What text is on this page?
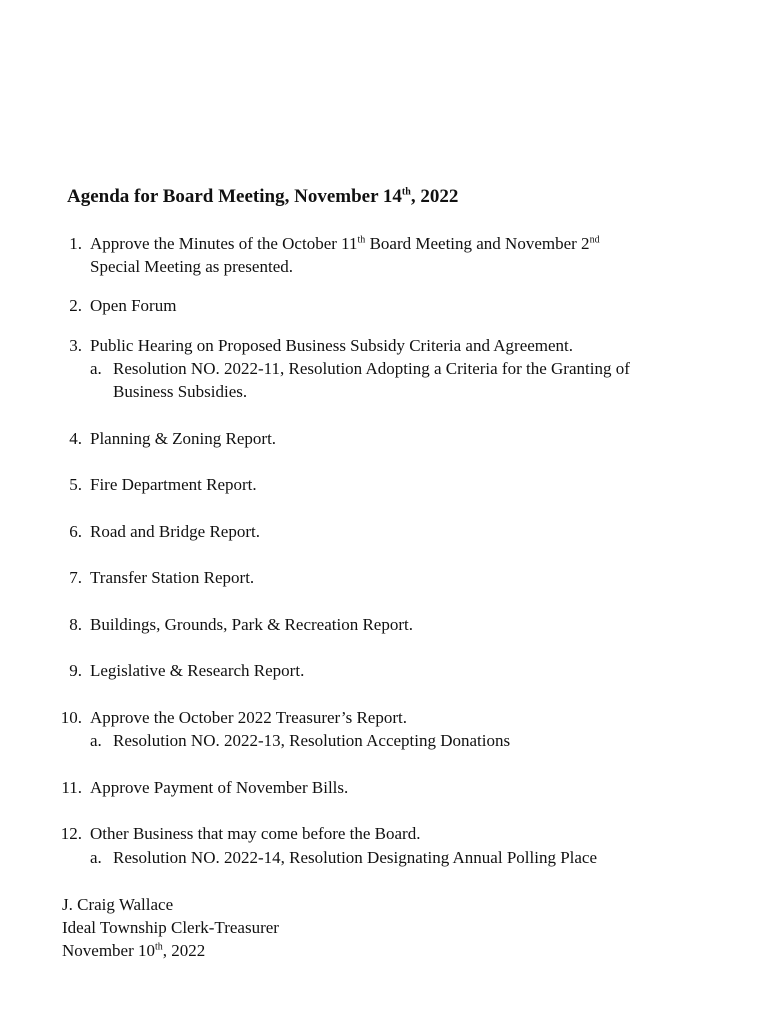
Agenda for Board Meeting, November 14th, 2022
1. Approve the Minutes of the October 11th Board Meeting and November 2nd
Special Meeting as presented.
2. Open Forum
3. Public Hearing on Proposed Business Subsidy Criteria and Agreement.
a. Resolution NO. 2022-11, Resolution Adopting a Criteria for the Granting of
Business Subsidies.
4. Planning & Zoning Report.
5. Fire Department Report.
6. Road and Bridge Report.
7. Transfer Station Report.
8. Buildings, Grounds, Park & Recreation Report.
9. Legislative & Research Report.
10. Approve the October 2022 Treasurer’s Report.
a. Resolution NO. 2022-13, Resolution Accepting Donations
11. Approve Payment of November Bills.
12. Other Business that may come before the Board.
a. Resolution NO. 2022-14, Resolution Designating Annual Polling Place
J. Craig Wallace
Ideal Township Clerk-Treasurer
November 10th, 2022
